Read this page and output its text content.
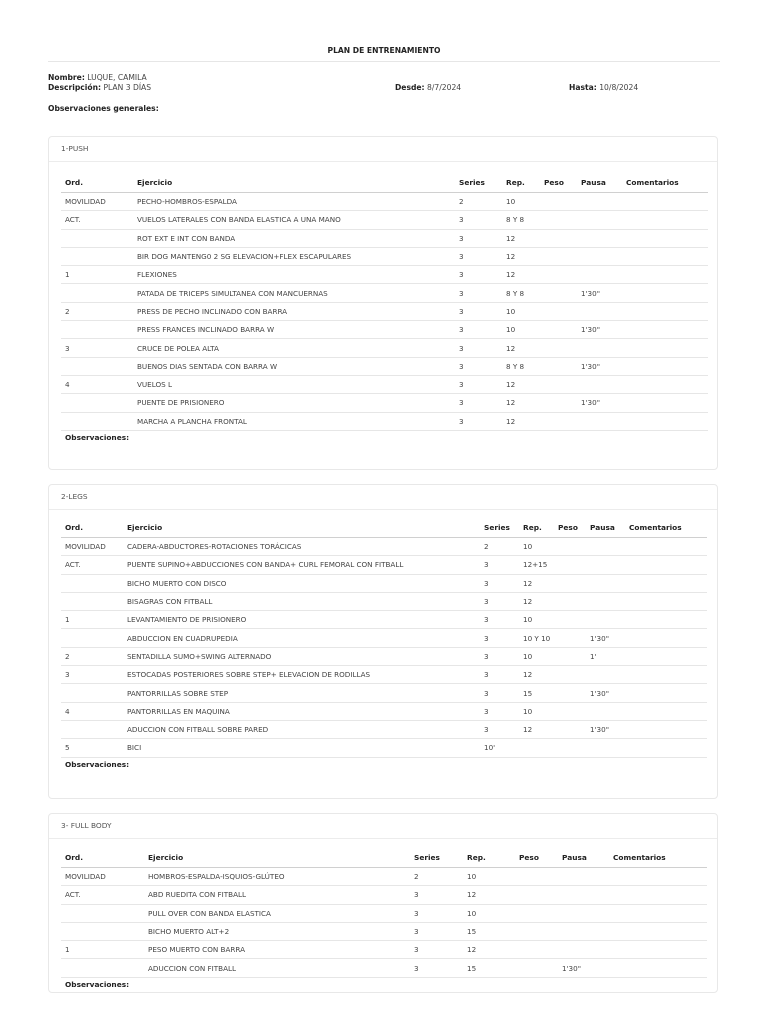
PLAN DE ENTRENAMIENTO
Nombre: LUQUE, CAMILA
Descripción: PLAN 3 DÍAS	Desde: 8/7/2024	Hasta: 10/8/2024
Observaciones generales:
1-PUSH
Ord.	Ejercicio	Series	Rep.	Peso	Pausa	Comentarios
MOVILIDAD	PECHO-HOMBROS-ESPALDA	2	10			
ACT.	VUELOS LATERALES CON BANDA ELASTICA A UNA MANO	3	8 Y 8			
	ROT EXT E INT CON BANDA	3	12			
	BIR DOG MANTENG0 2 SG ELEVACION+FLEX ESCAPULARES	3	12			
1	FLEXIONES	3	12			
	PATADA DE TRICEPS SIMULTANEA CON MANCUERNAS	3	8 Y 8		1'30"	
2	PRESS DE PECHO INCLINADO CON BARRA	3	10			
	PRESS FRANCES INCLINADO BARRA W	3	10		1'30"	
3	CRUCE DE POLEA ALTA	3	12			
	BUENOS DIAS SENTADA CON BARRA W	3	8 Y 8		1'30"	
4	VUELOS L	3	12			
	PUENTE DE PRISIONERO	3	12		1'30"	
	MARCHA A PLANCHA FRONTAL	3	12			
Observaciones:
2-LEGS
Ord.	Ejercicio	Series	Rep.	Peso	Pausa	Comentarios
MOVILIDAD	CADERA-ABDUCTORES-ROTACIONES TORÁCICAS	2	10			
ACT.	PUENTE SUPINO+ABDUCCIONES CON BANDA+ CURL FEMORAL CON FITBALL	3	12+15			
	BICHO MUERTO CON DISCO	3	12			
	BISAGRAS CON FITBALL	3	12			
1	LEVANTAMIENTO DE PRISIONERO	3	10			
	ABDUCCION EN CUADRUPEDIA	3	10 Y 10		1'30"	
2	SENTADILLA SUMO+SWING ALTERNADO	3	10		1'	
3	ESTOCADAS POSTERIORES SOBRE STEP+ ELEVACION DE RODILLAS	3	12			
	PANTORRILLAS SOBRE STEP	3	15		1'30"	
4	PANTORRILLAS EN MAQUINA	3	10			
	ADUCCION CON FITBALL SOBRE PARED	3	12		1'30"	
5	BICI	10'				
Observaciones:
3- FULL BODY
Ord.	Ejercicio	Series	Rep.	Peso	Pausa	Comentarios
MOVILIDAD	HOMBROS-ESPALDA-ISQUIOS-GLÚTEO	2	10			
ACT.	ABD RUEDITA CON FITBALL	3	12			
	PULL OVER CON BANDA ELASTICA	3	10			
	BICHO MUERTO ALT+2	3	15			
1	PESO MUERTO CON BARRA	3	12			
	ADUCCION CON FITBALL	3	15		1'30"	
Observaciones:
